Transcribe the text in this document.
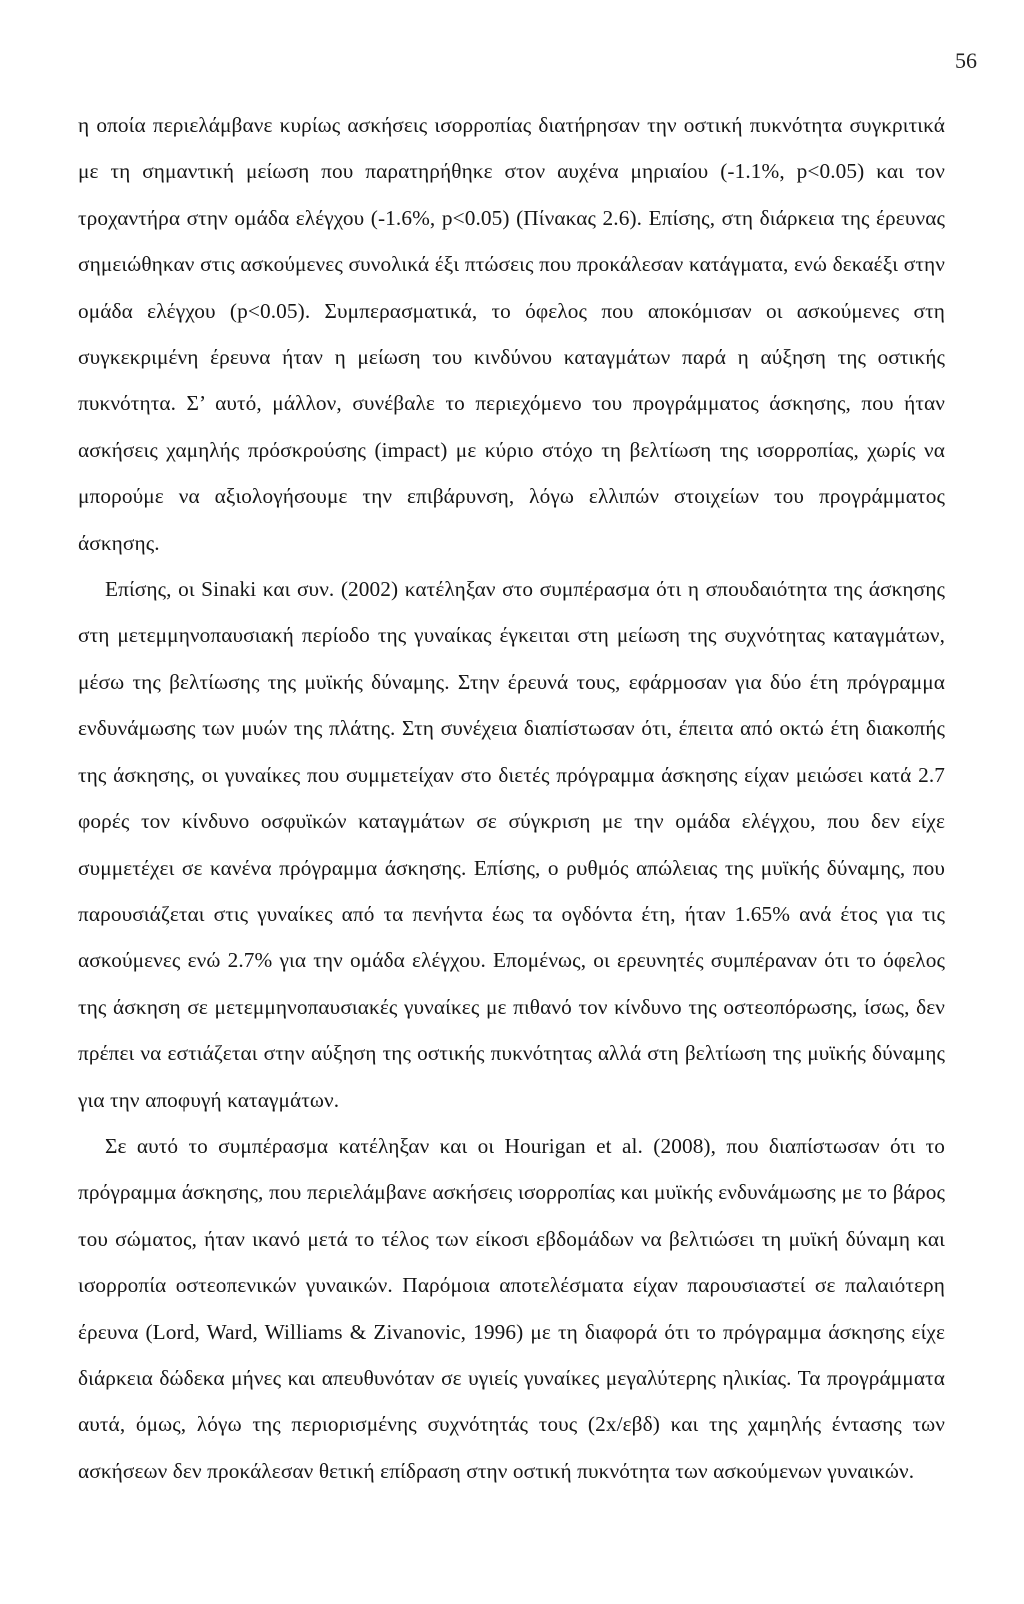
56

η οποία περιελάμβανε κυρίως ασκήσεις ισορροπίας διατήρησαν την οστική πυκνότητα συγκριτικά με τη σημαντική μείωση που παρατηρήθηκε στον αυχένα μηριαίου (-1.1%, p<0.05) και τον τροχαντήρα στην ομάδα ελέγχου (-1.6%, p<0.05) (Πίνακας 2.6). Επίσης, στη διάρκεια της έρευνας σημειώθηκαν στις ασκούμενες συνολικά έξι πτώσεις που προκάλεσαν κατάγματα, ενώ δεκαέξι στην ομάδα ελέγχου (p<0.05). Συμπερασματικά, το όφελος που αποκόμισαν οι ασκούμενες στη συγκεκριμένη έρευνα ήταν η μείωση του κινδύνου καταγμάτων παρά η αύξηση της οστικής πυκνότητα. Σ’ αυτό, μάλλον, συνέβαλε το περιεχόμενο του προγράμματος άσκησης, που ήταν ασκήσεις χαμηλής πρόσκρούσης (impact) με κύριο στόχο τη βελτίωση της ισορροπίας, χωρίς να μπορούμε να αξιολογήσουμε την επιβάρυνση, λόγω ελλιπών στοιχείων του προγράμματος άσκησης.

Επίσης, οι Sinaki και συν. (2002) κατέληξαν στο συμπέρασμα ότι η σπουδαιότητα της άσκησης στη μετεμμηνοπαυσιακή περίοδο της γυναίκας έγκειται στη μείωση της συχνότητας καταγμάτων, μέσω της βελτίωσης της μυϊκής δύναμης. Στην έρευνά τους, εφάρμοσαν για δύο έτη πρόγραμμα ενδυνάμωσης των μυών της πλάτης. Στη συνέχεια διαπίστωσαν ότι, έπειτα από οκτώ έτη διακοπής της άσκησης, οι γυναίκες που συμμετείχαν στο διετές πρόγραμμα άσκησης είχαν μειώσει κατά 2.7 φορές τον κίνδυνο οσφυϊκών καταγμάτων σε σύγκριση με την ομάδα ελέγχου, που δεν είχε συμμετέχει σε κανένα πρόγραμμα άσκησης. Επίσης, ο ρυθμός απώλειας της μυϊκής δύναμης, που παρουσιάζεται στις γυναίκες από τα πενήντα έως τα ογδόντα έτη, ήταν 1.65% ανά έτος για τις ασκούμενες ενώ 2.7% για την ομάδα ελέγχου. Επομένως, οι ερευνητές συμπέραναν ότι το όφελος της άσκηση σε μετεμμηνοπαυσιακές γυναίκες με πιθανό τον κίνδυνο της οστεοπόρωσης, ίσως, δεν πρέπει να εστιάζεται στην αύξηση της οστικής πυκνότητας αλλά στη βελτίωση της μυϊκής δύναμης για την αποφυγή καταγμάτων.

Σε αυτό το συμπέρασμα κατέληξαν και οι Hourigan et al. (2008), που διαπίστωσαν ότι το πρόγραμμα άσκησης, που περιελάμβανε ασκήσεις ισορροπίας και μυϊκής ενδυνάμωσης με το βάρος του σώματος, ήταν ικανό μετά το τέλος των είκοσι εβδομάδων να βελτιώσει τη μυϊκή δύναμη και ισορροπία οστεοπενικών γυναικών. Παρόμοια αποτελέσματα είχαν παρουσιαστεί σε παλαιότερη έρευνα (Lord, Ward, Williams & Zivanovic, 1996) με τη διαφορά ότι το πρόγραμμα άσκησης είχε διάρκεια δώδεκα μήνες και απευθυνόταν σε υγιείς γυναίκες μεγαλύτερης ηλικίας. Τα προγράμματα αυτά, όμως, λόγω της περιορισμένης συχνότητάς τους (2x/εβδ) και της χαμηλής έντασης των ασκήσεων δεν προκάλεσαν θετική επίδραση στην οστική πυκνότητα των ασκούμενων γυναικών.
